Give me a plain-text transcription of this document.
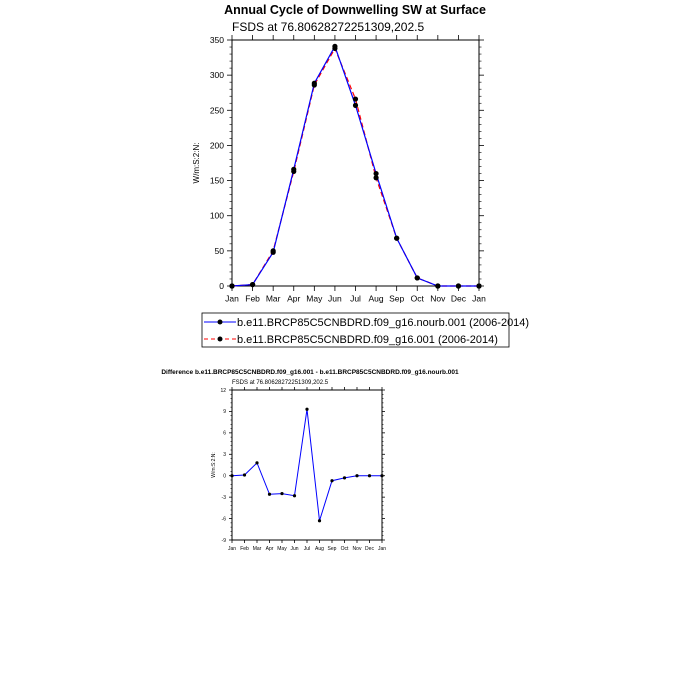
Annual Cycle of Downwelling SW at Surface
FSDS at 76.80628272251309,202.5
W/m:S:2:N:
Difference b.e11.BRCP85C5CNBDRD.f09_g16.001 - b.e11.BRCP85C5CNBDRD.f09_g16.nourb.001
FSDS at 76.80628272251309,202.5
W/m:S:2:N:
b.e11.BRCP85C5CNBDRD.f09_g16.nourb.001 (2006-2014)
b.e11.BRCP85C5CNBDRD.f09_g16.001 (2006-2014)
Jan Feb Mar Apr May Jun Jul Aug Sep Oct Nov Dec Jan
0
50
100
150
200
250
300
350
Jan Feb Mar Apr May Jun Jul Aug Sep Oct Nov Dec Jan
-9
-6
-3
0
3
6
9
12
